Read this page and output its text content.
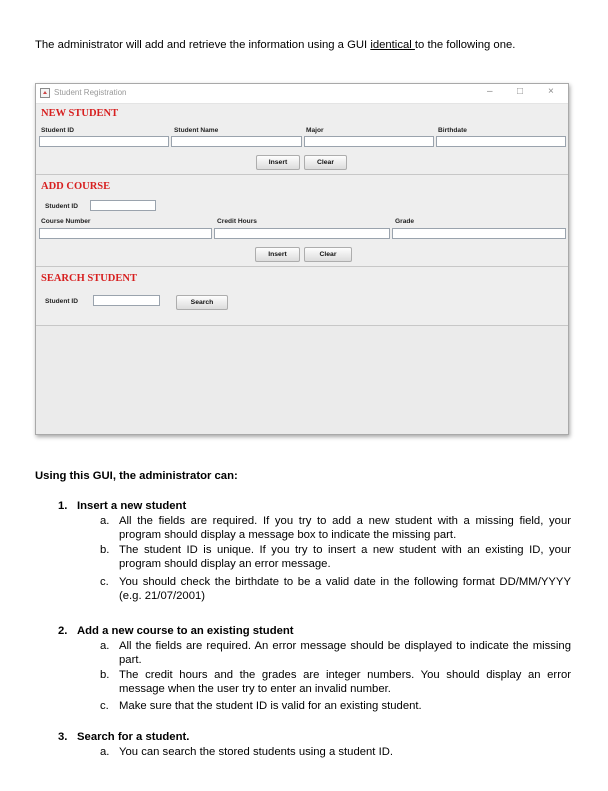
The administrator will add and retrieve the information using a GUI identical to the following one.
Student Registration	– □ ×
NEW STUDENT
Student ID	Student Name	Major	Birthdate
Insert	Clear
ADD COURSE
Student ID
Course Number	Credit Hours	Grade
Insert	Clear
SEARCH STUDENT
Student ID	Search
Using this GUI, the administrator can:
1. Insert a new student
a. All the fields are required. If you try to add a new student with a missing field, your program should display a message box to indicate the missing part.
b. The student ID is unique. If you try to insert a new student with an existing ID, your program should display an error message.
c. You should check the birthdate to be a valid date in the following format DD/MM/YYYY (e.g. 21/07/2001)
2. Add a new course to an existing student
a. All the fields are required. An error message should be displayed to indicate the missing part.
b. The credit hours and the grades are integer numbers. You should display an error message when the user try to enter an invalid number.
c. Make sure that the student ID is valid for an existing student.
3. Search for a student.
a. You can search the stored students using a student ID.
